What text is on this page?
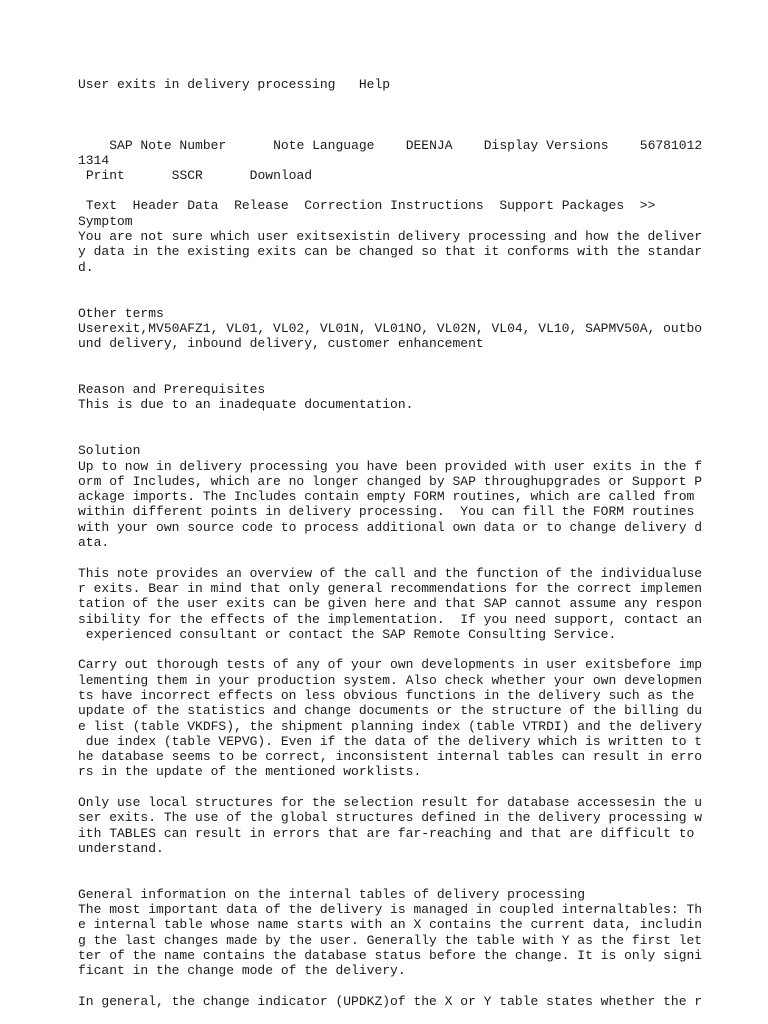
User exits in delivery processing Help
SAP Note Number	Note Language DEENJA Display Versions 56781012
1314
Print	SSCR	Download
Text Header Data Release Correction Instructions Support Packages >>
Symptom
You are not sure which user exitsexistin delivery processing and how the deliver
y data in the existing exits can be changed so that it conforms with the standar
d.
Other terms
Userexit,MV50AFZ1, VL01, VL02, VL01N, VL01NO, VL02N, VL04, VL10, SAPMV50A, outbo
und delivery, inbound delivery, customer enhancement
Reason and Prerequisites
This is due to an inadequate documentation.
Solution
Up to now in delivery processing you have been provided with user exits in the f
orm of Includes, which are no longer changed by SAP throughupgrades or Support P
ackage imports. The Includes contain empty FORM routines, which are called from
within different points in delivery processing.  You can fill the FORM routines
with your own source code to process additional own data or to change delivery d
ata.
This note provides an overview of the call and the function of the individualuse
r exits. Bear in mind that only general recommendations for the correct implemen
tation of the user exits can be given here and that SAP cannot assume any respon
sibility for the effects of the implementation.  If you need support, contact an
experienced consultant or contact the SAP Remote Consulting Service.
Carry out thorough tests of any of your own developments in user exitsbefore imp
lementing them in your production system. Also check whether your own developmen
ts have incorrect effects on less obvious functions in the delivery such as the
update of the statistics and change documents or the structure of the billing du
e list (table VKDFS), the shipment planning index (table VTRDI) and the delivery
due index (table VEPVG). Even if the data of the delivery which is written to t
he database seems to be correct, inconsistent internal tables can result in erro
rs in the update of the mentioned worklists.
Only use local structures for the selection result for database accessesin the u
ser exits. The use of the global structures defined in the delivery processing w
ith TABLES can result in errors that are far-reaching and that are difficult to
understand.
General information on the internal tables of delivery processing
The most important data of the delivery is managed in coupled internaltables: Th
e internal table whose name starts with an X contains the current data, includin
g the last changes made by the user. Generally the table with Y as the first let
ter of the name contains the database status before the change. It is only signi
ficant in the change mode of the delivery.
In general, the change indicator (UPDKZ)of the X or Y table states whether the r
